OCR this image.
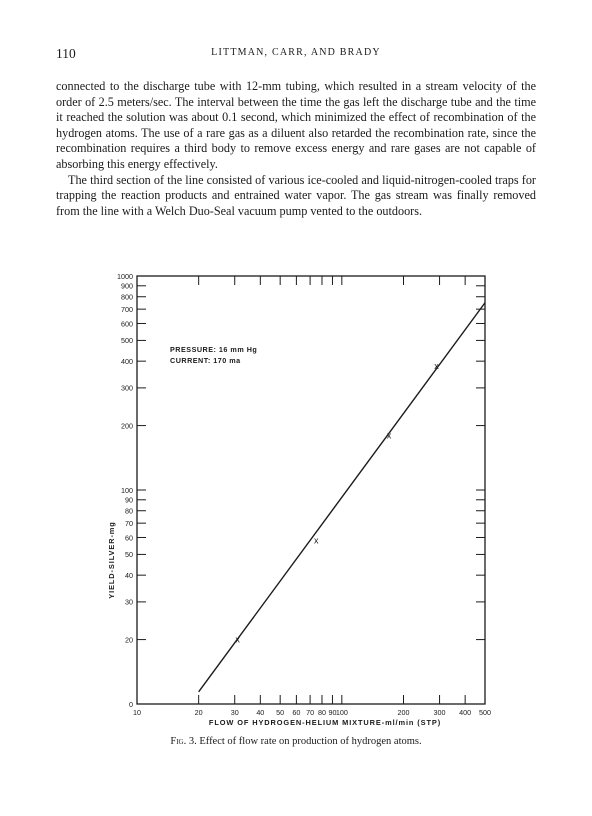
110	LITTMAN, CARR, AND BRADY

connected to the discharge tube with 12-mm tubing, which resulted in a stream velocity of the order of 2.5 meters/sec. The interval between the time the gas left the discharge tube and the time it reached the solution was about 0.1 second, which minimized the effect of recombination of the hydrogen atoms. The use of a rare gas as a diluent also retarded the recombination rate, since the recombination requires a third body to remove excess energy and rare gases are not capable of absorbing this energy effectively.

The third section of the line consisted of various ice-cooled and liquid-nitrogen-cooled traps for trapping the reaction products and entrained water vapor. The gas stream was finally removed from the line with a Welch Duo-Seal vacuum pump vented to the outdoors.

0
20
30
40
50
60
70
80
90
100
200
300
400
500
600
700
800
900
1000
10	20	30 40 50 60 70 80 90 100	200	300 400 500
FLOW OF HYDROGEN-HELIUM MIXTURE-ml/min (STP)
YIELD-SILVER-mg
PRESSURE: 16 mm Hg
CURRENT: 170 ma
x
x
x
x
Fig. 3. Effect of flow rate on production of hydrogen atoms.
